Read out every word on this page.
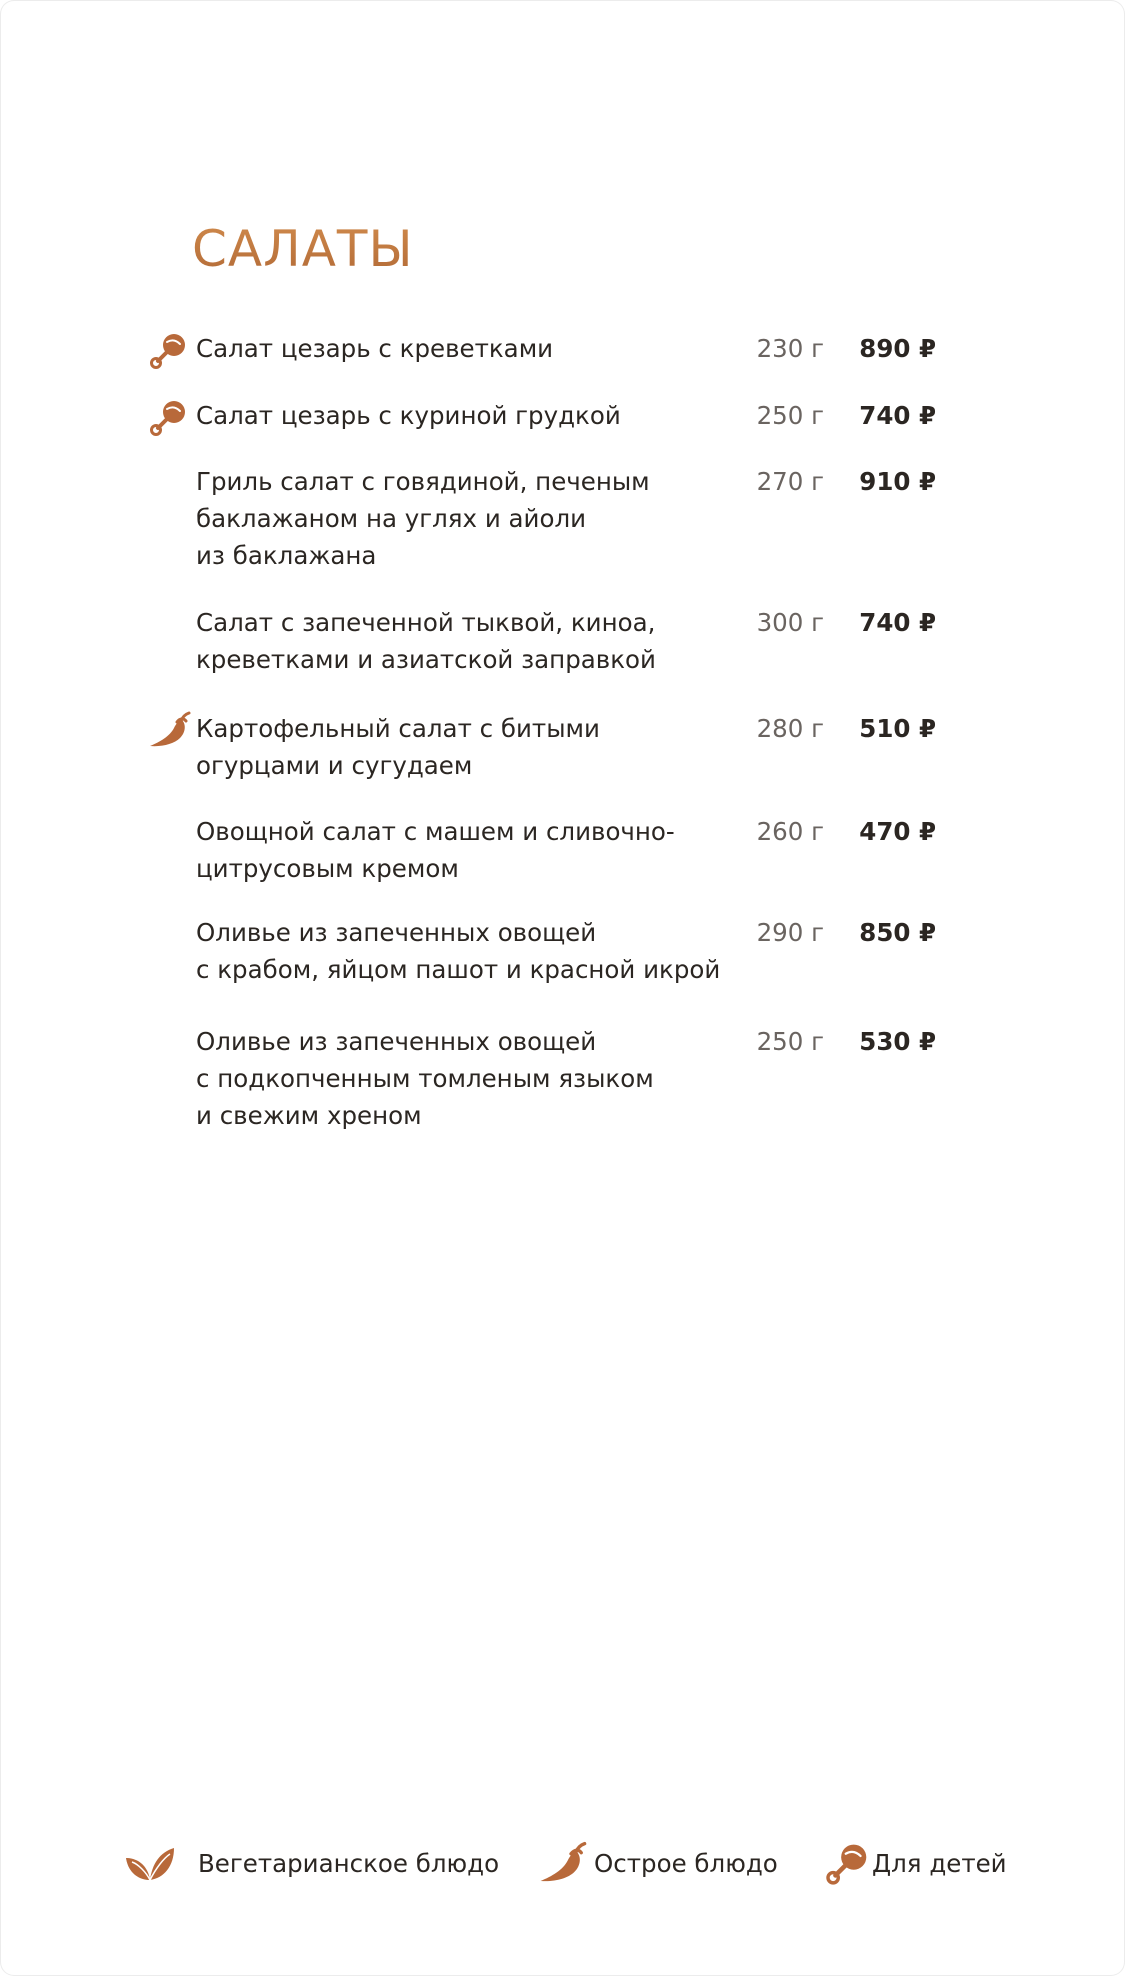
САЛАТЫ
Салат цезарь с креветками	230 г	890 ₽
Салат цезарь с куриной грудкой	250 г	740 ₽
Гриль салат с говядиной, печеным
баклажаном на углях и айоли
из баклажана
270 г	910 ₽
Салат с запеченной тыквой, киноа,
креветками и азиатской заправкой
300 г	740 ₽
Картофельный салат с битыми
огурцами и сугудаем
280 г	510 ₽
Овощной салат с машем и сливочно-
цитрусовым кремом
260 г	470 ₽
Оливье из запеченных овощей
с крабом, яйцом пашот и красной икрой
290 г	850 ₽
Оливье из запеченных овощей
с подкопченным томленым языком
и свежим хреном
250 г	530 ₽
Вегетарианское блюдо	Острое блюдо	Для детей
